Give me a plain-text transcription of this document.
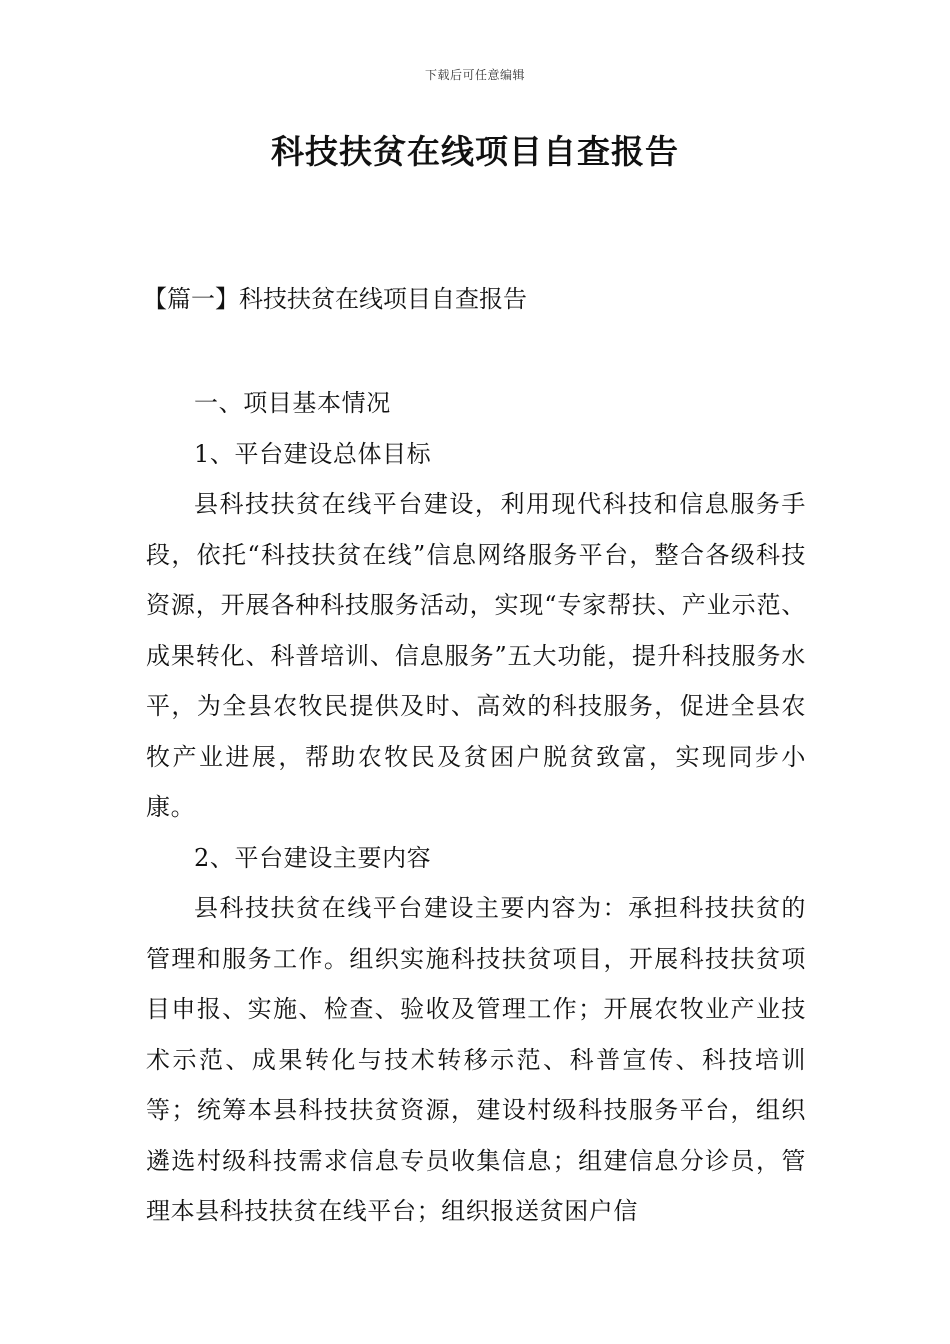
下载后可任意编辑
科技扶贫在线项目自查报告
【篇一】科技扶贫在线项目自查报告

一、项目基本情况

1、平台建设总体目标

县科技扶贫在线平台建设，利用现代科技和信息服务手段，依托“科技扶贫在线”信息网络服务平台，整合各级科技资源，开展各种科技服务活动，实现“专家帮扶、产业示范、成果转化、科普培训、信息服务”五大功能，提升科技服务水平，为全县农牧民提供及时、高效的科技服务，促进全县农牧产业进展，帮助农牧民及贫困户脱贫致富，实现同步小康。

2、平台建设主要内容

县科技扶贫在线平台建设主要内容为：承担科技扶贫的管理和服务工作。组织实施科技扶贫项目，开展科技扶贫项目申报、实施、检查、验收及管理工作；开展农牧业产业技术示范、成果转化与技术转移示范、科普宣传、科技培训等；统筹本县科技扶贫资源，建设村级科技服务平台，组织遴选村级科技需求信息专员收集信息；组建信息分诊员，管理本县科技扶贫在线平台；组织报送贫困户信
